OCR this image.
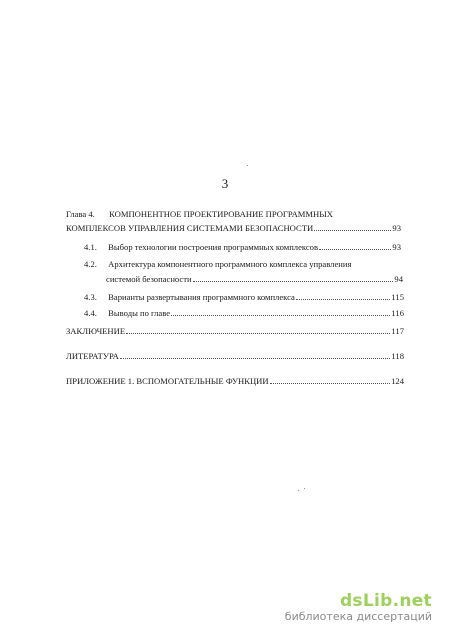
3
Глава 4. КОМПОНЕНТНОЕ ПРОЕКТИРОВАНИЕ ПРОГРАММНЫХ
КОМПЛЕКСОВ УПРАВЛЕНИЯ СИСТЕМАМИ БЕЗОПАСНОСТИ	93
4.1. Выбор технологии построения программных комплексов	93
4.2. Архитектура компонентного программного комплекса управления
системой безопасности	94
4.3. Варианты развертывания программного комплекса	115
4.4. Выводы по главе	116
ЗАКЛЮЧЕНИЕ	117
ЛИТЕРАТУРА	118
ПРИЛОЖЕНИЕ 1. ВСПОМОГАТЕЛЬНЫЕ ФУНКЦИИ	124
dsLib.net
библиотека диссертаций
